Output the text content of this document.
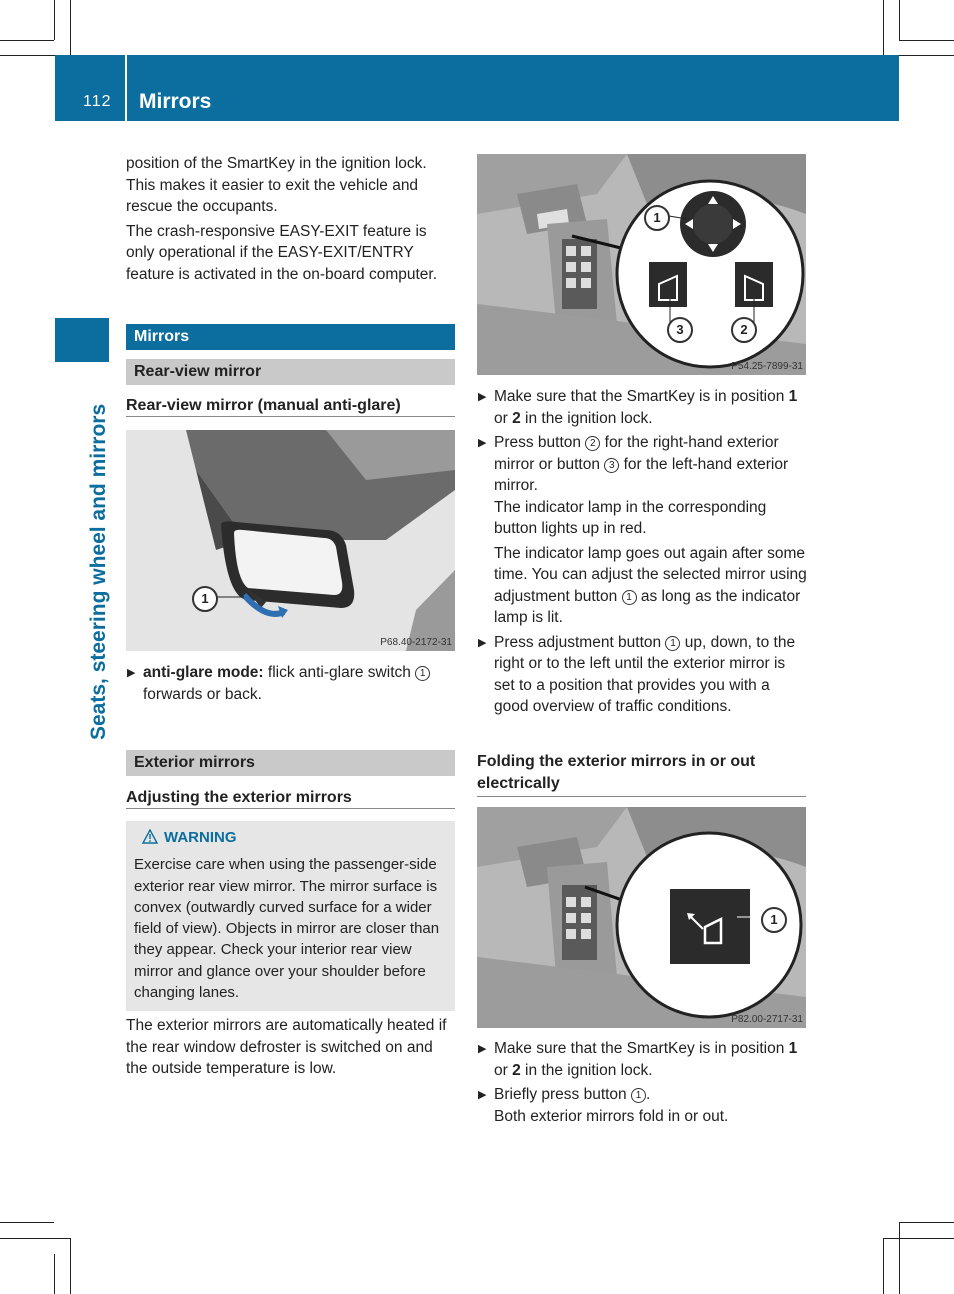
112 Mirrors
Seats, steering wheel and mirrors

position of the SmartKey in the ignition lock. This makes it easier to exit the vehicle and rescue the occupants.

The crash-responsive EASY-EXIT feature is only operational if the EASY-EXIT/ENTRY feature is activated in the on-board computer.

Mirrors
Rear-view mirror
Rear-view mirror (manual anti-glare)
1
P68.40-2172-31
▶ anti-glare mode: flick anti-glare switch 1 forwards or back.
Exterior mirrors
Adjusting the exterior mirrors
WARNING
Exercise care when using the passenger-side exterior rear view mirror. The mirror surface is convex (outwardly curved surface for a wider field of view). Objects in mirror are closer than they appear. Check your interior rear view mirror and glance over your shoulder before changing lanes.

The exterior mirrors are automatically heated if the rear window defroster is switched on and the outside temperature is low.

1
3	2
P54.25-7899-31
▶ Make sure that the SmartKey is in position 1 or 2 in the ignition lock.
▶ Press button 2 for the right-hand exterior mirror or button 3 for the left-hand exterior mirror.
The indicator lamp in the corresponding button lights up in red.
The indicator lamp goes out again after some time. You can adjust the selected mirror using adjustment button 1 as long as the indicator lamp is lit.
▶ Press adjustment button 1 up, down, to the right or to the left until the exterior mirror is set to a position that provides you with a good overview of traffic conditions.
Folding the exterior mirrors in or out electrically
1
P82.00-2717-31
▶ Make sure that the SmartKey is in position 1 or 2 in the ignition lock.
▶ Briefly press button 1 .
Both exterior mirrors fold in or out.
